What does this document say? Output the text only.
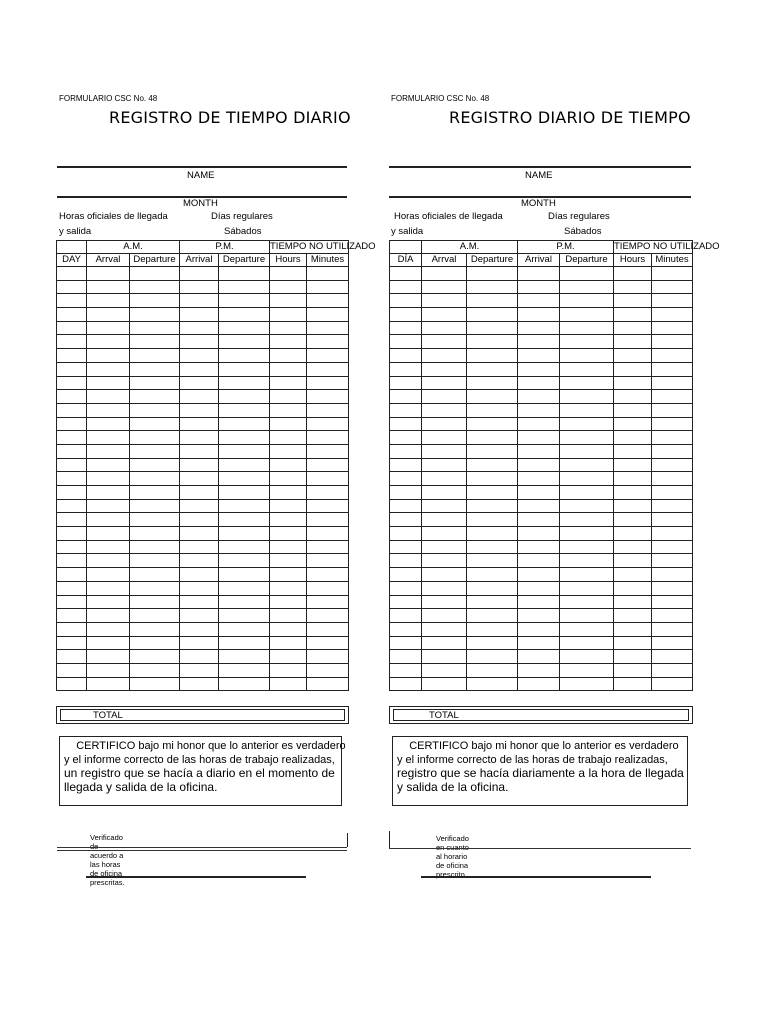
FORMULARIO CSC No. 48
REGISTRO DE TIEMPO DIARIO
NAME
MONTH
Horas oficiales de llegada
y salida
Días regulares
Sábados
	A.M.		P.M.		TIEMPO NO UTILIZADO	
DAY	Arrval	Departure	Arrival	Departure	Hours	Minutes

TOTAL
CERTIFICO bajo mi honor que lo anterior es verdadero
y el informe correcto de las horas de trabajo realizadas,
un registro que se hacía a diario en el momento de
llegada y salida de la oficina.
Verificado de acuerdo a las horas de oficina prescritas.
FORMULARIO CSC No. 48
REGISTRO DIARIO DE TIEMPO
NAME
MONTH
Horas oficiales de llegada
y salida
Días regulares
Sábados
	A.M.		P.M.		TIEMPO NO UTILIZADO	
DÍA	Arrval	Departure	Arrival	Departure	Hours	Minutes

TOTAL
CERTIFICO bajo mi honor que lo anterior es verdadero
y el informe correcto de las horas de trabajo realizadas,
registro que se hacía diariamente a la hora de llegada
y salida de la oficina.
Verificado en cuanto al horario de oficina prescrito.
